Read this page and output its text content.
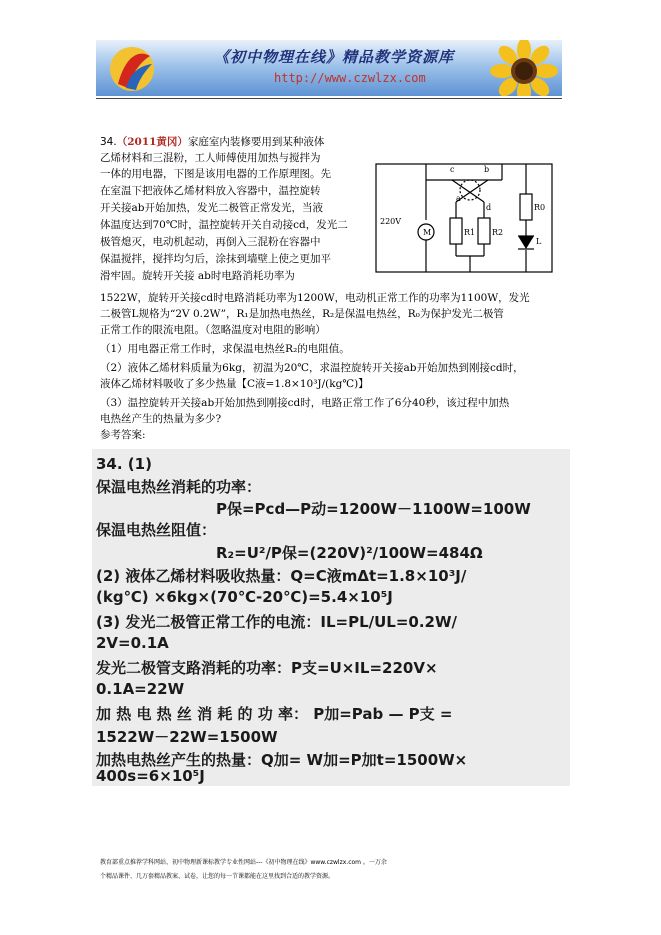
《初中物理在线》精品教学资源库
http://www.czwlzx.com
34.（2011黄冈）家庭室内装修要用到某种液体
乙烯材料和三混粉，工人师傅使用加热与搅拌为
一体的用电器，下图是该用电器的工作原理图。先
在室温下把液体乙烯材料放入容器中，温控旋转
开关接ab开始加热，发光二极管正常发光，当液
体温度达到70℃时，温控旋转开关自动接cd，发光二
极管熄灭，电动机起动，再倒入三混粉在容器中
保温搅拌，搅拌均匀后，涂抹到墙壁上使之更加平
滑牢固。旋转开关接 ab时电路消耗功率为
1522W，旋转开关接cd时电路消耗功率为1200W，电动机正常工作的功率为1100W，发光
二极管L规格为“2V 0.2W”，R₁是加热电热丝，R₂是保温电热丝，R₀为保护发光二极管
正常工作的限流电阻。（忽略温度对电阻的影响）
（1）用电器正常工作时，求保温电热丝R₂的电阻值。
（2）液体乙烯材料质量为6kg，初温为20℃，求温控旋转开关接ab开始加热到刚接cd时，
液体乙烯材料吸收了多少热量【C液=1.8×10³J/(kg℃)】
（3）温控旋转开关接ab开始加热到刚接cd时，电路正常工作了6分40秒，该过程中加热
电热丝产生的热量为多少?
参考答案:
220V
M	R1 R2
R0
L
a
b
c
d
34. (1)
保温电热丝消耗的功率：
P保=Pcd—P动=1200W－1100W=100W
保温电热丝阻值：
R₂=U²/P保=(220V)²/100W=484Ω
(2) 液体乙烯材料吸收热量：Q=C液mΔt=1.8×10³J/
(kg℃) ×6kg×(70℃-20℃)=5.4×10⁵J
(3) 发光二极管正常工作的电流：IL=PL/UL=0.2W/
2V=0.1A
发光二极管支路消耗的功率：P支=U×IL=220V×
0.1A=22W
加 热 电 热 丝 消 耗 的 功 率： P加=Pab — P支 =
1522W－22W=1500W
加热电热丝产生的热量：Q加= W加=P加t=1500W×
400s=6×10⁵J
教育部重点推荐学科网站、初中物理新课标教学专业性网站---《初中物理在线》www.czwlzx.com 。一万余
个精品课件、几万套精品教案、试卷，让您的每一节课都能在这里找到合适的教学资源。
